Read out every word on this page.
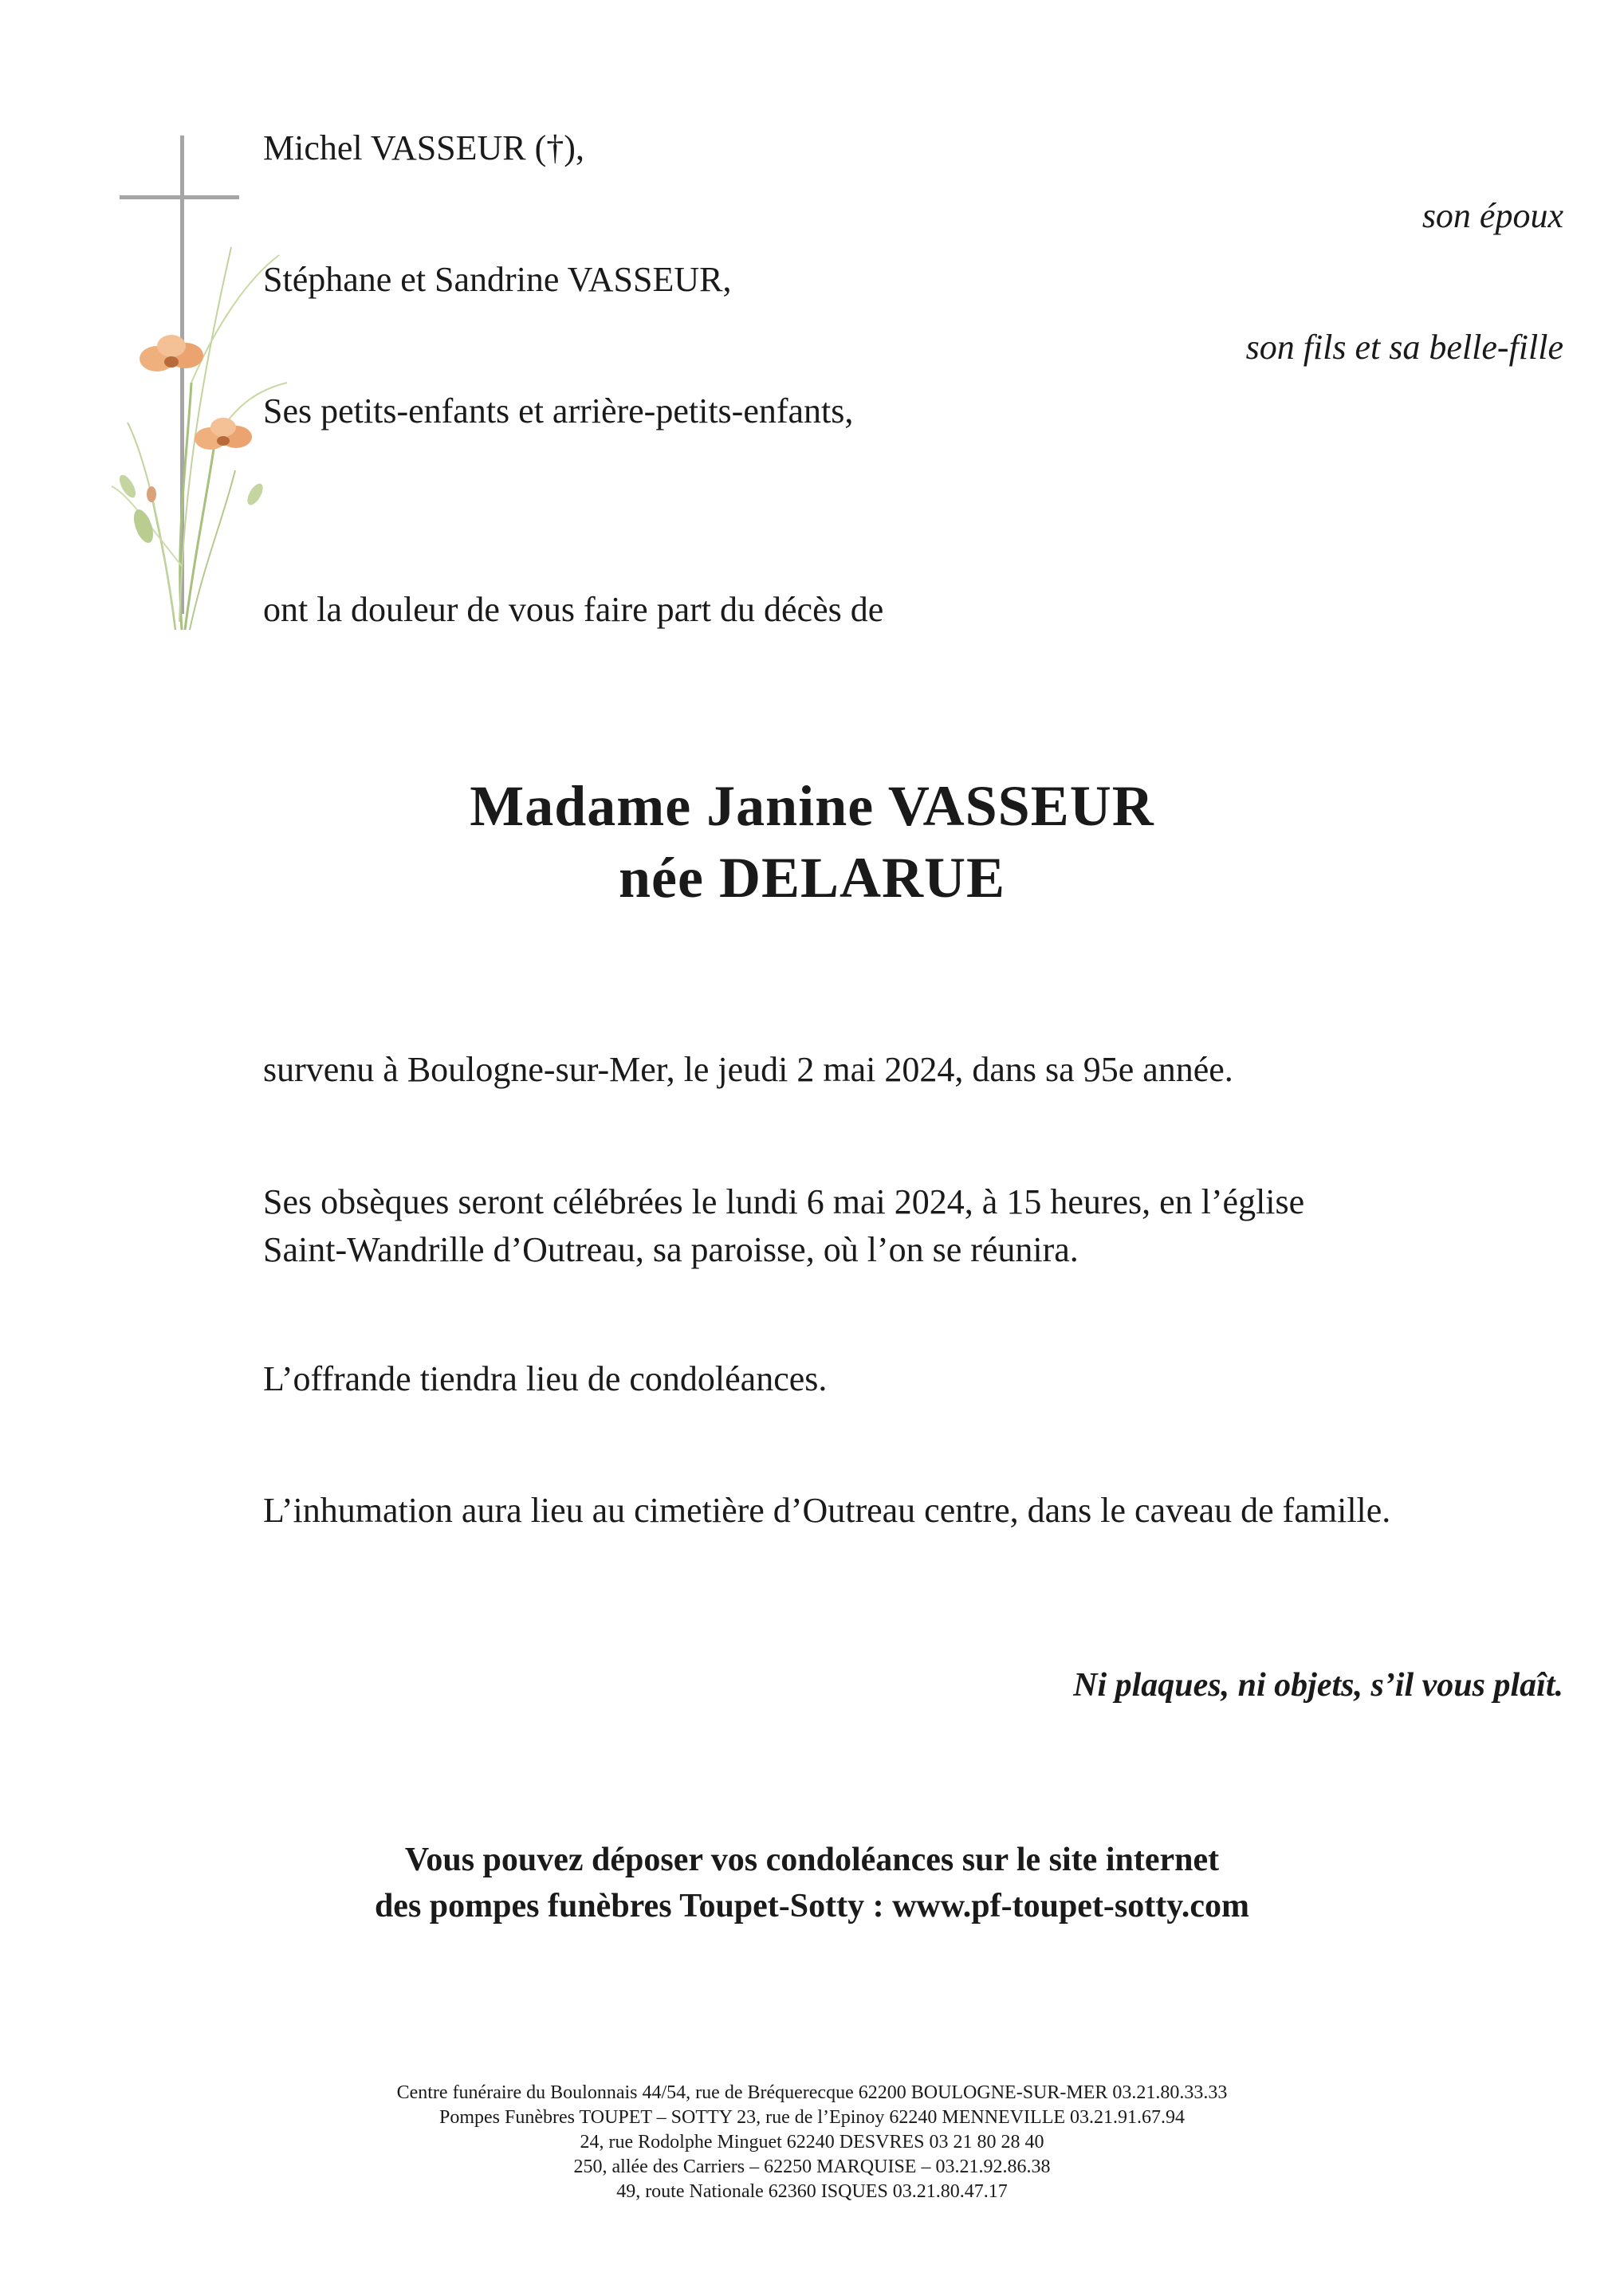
Michel VASSEUR (†),
son époux
Stéphane et Sandrine VASSEUR,
son fils et sa belle-fille
Ses petits-enfants et arrière-petits-enfants,
ont la douleur de vous faire part du décès de
Madame Janine VASSEUR
née DELARUE
survenu à Boulogne-sur-Mer, le jeudi 2 mai 2024, dans sa 95e année.
Ses obsèques seront célébrées le lundi 6 mai 2024, à 15 heures, en l’église
Saint-Wandrille d’Outreau, sa paroisse, où l’on se réunira.
L’offrande tiendra lieu de condoléances.
L’inhumation aura lieu au cimetière d’Outreau centre, dans le caveau de famille.
Ni plaques, ni objets, s’il vous plaît.
Vous pouvez déposer vos condoléances sur le site internet
des pompes funèbres Toupet-Sotty : www.pf-toupet-sotty.com
Centre funéraire du Boulonnais 44/54, rue de Bréquerecque 62200 BOULOGNE-SUR-MER 03.21.80.33.33
Pompes Funèbres TOUPET – SOTTY 23, rue de l’Epinoy 62240 MENNEVILLE 03.21.91.67.94
24, rue Rodolphe Minguet 62240 DESVRES 03 21 80 28 40
250, allée des Carriers – 62250 MARQUISE – 03.21.92.86.38
49, route Nationale 62360 ISQUES 03.21.80.47.17
